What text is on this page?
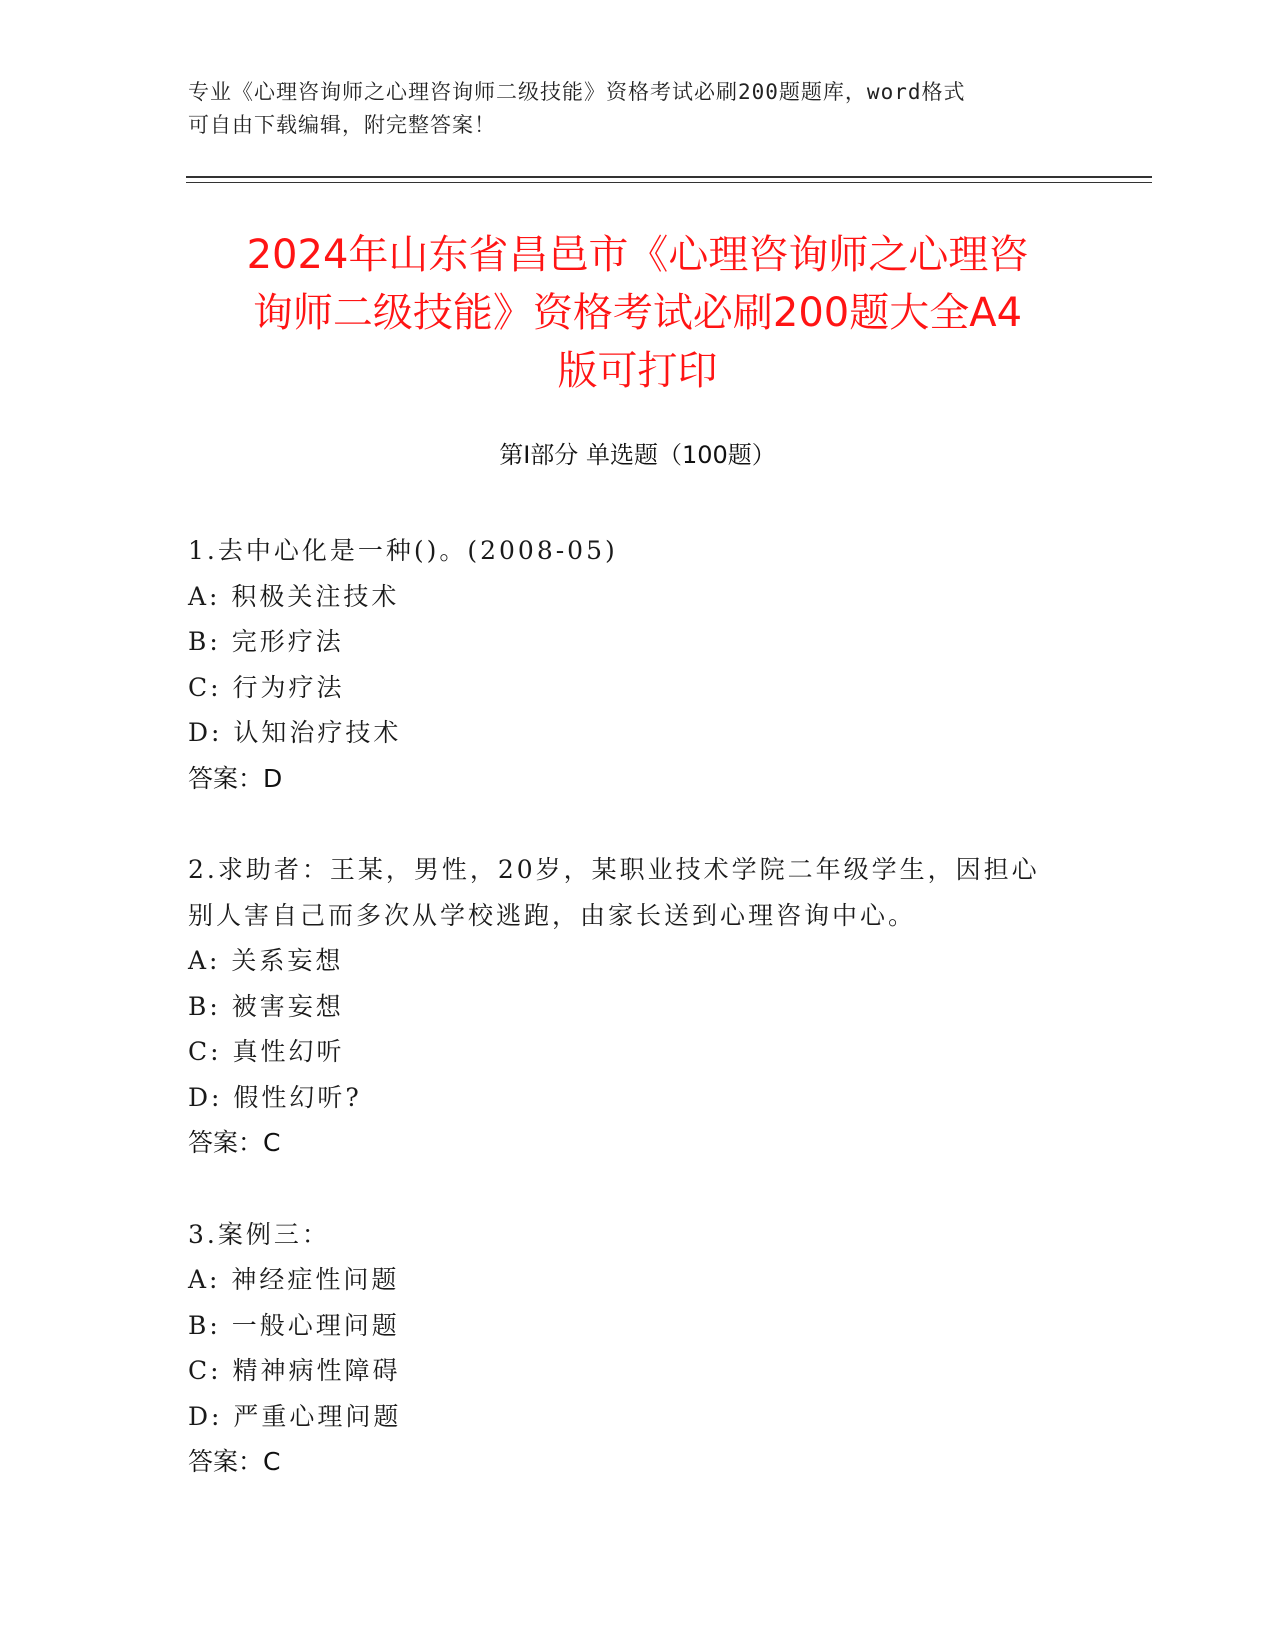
专业《心理咨询师之心理咨询师二级技能》资格考试必刷200题题库，word格式
可自由下载编辑，附完整答案！
2024年山东省昌邑市《心理咨询师之心理咨
询师二级技能》资格考试必刷200题大全A4
版可打印
第Ⅰ部分 单选题（100题）
1.去中心化是一种()。(2008-05)
A: 积极关注技术
B: 完形疗法
C: 行为疗法
D: 认知治疗技术
答案：D
2.求助者：王某，男性，20岁，某职业技术学院二年级学生，因担心
别人害自己而多次从学校逃跑，由家长送到心理咨询中心。
A: 关系妄想
B: 被害妄想
C: 真性幻听
D: 假性幻听?
答案：C
3.案例三：
A: 神经症性问题
B: 一般心理问题
C: 精神病性障碍
D: 严重心理问题
答案：C
